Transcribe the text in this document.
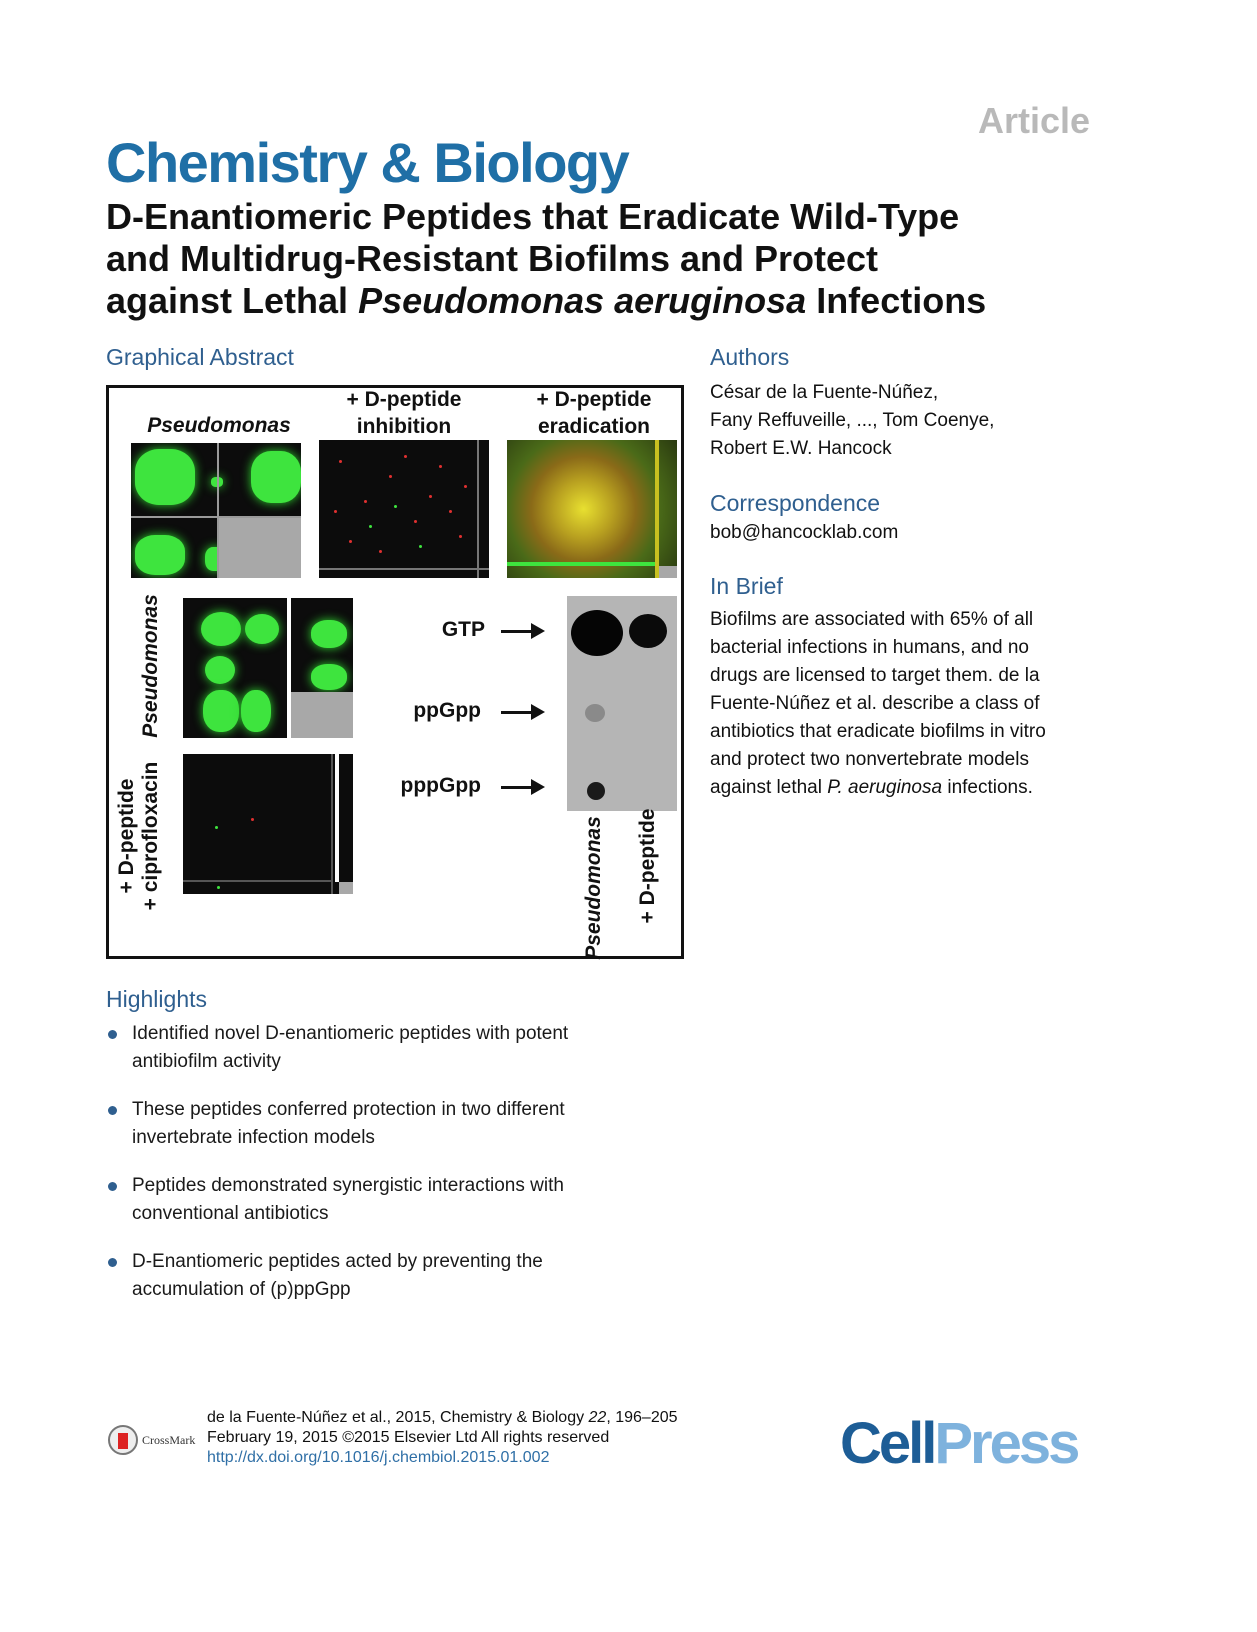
Article
Chemistry & Biology
D-Enantiomeric Peptides that Eradicate Wild-Type
and Multidrug-Resistant Biofilms and Protect
against Lethal Pseudomonas aeruginosa Infections
Graphical Abstract
Pseudomonas
+ D-peptide
inhibition
+ D-peptide
eradication
Pseudomonas
+ D-peptide + ciprofloxacin
GTP
ppGpp
pppGpp
Pseudomonas + D-peptide
Authors
César de la Fuente-Núñez,
Fany Reffuveille, ..., Tom Coenye,
Robert E.W. Hancock
Correspondence
bob@hancocklab.com
In Brief
Biofilms are associated with 65% of all
bacterial infections in humans, and no
drugs are licensed to target them. de la
Fuente-Núñez et al. describe a class of
antibiotics that eradicate biofilms in vitro
and protect two nonvertebrate models
against lethal P. aeruginosa infections.
Highlights
Identified novel D-enantiomeric peptides with potent
antibiofilm activity
These peptides conferred protection in two different
invertebrate infection models
Peptides demonstrated synergistic interactions with
conventional antibiotics
D-Enantiomeric peptides acted by preventing the
accumulation of (p)ppGpp
CrossMark
de la Fuente-Núñez et al., 2015, Chemistry & Biology 22, 196–205
February 19, 2015 ©2015 Elsevier Ltd All rights reserved
http://dx.doi.org/10.1016/j.chembiol.2015.01.002	CellPress
